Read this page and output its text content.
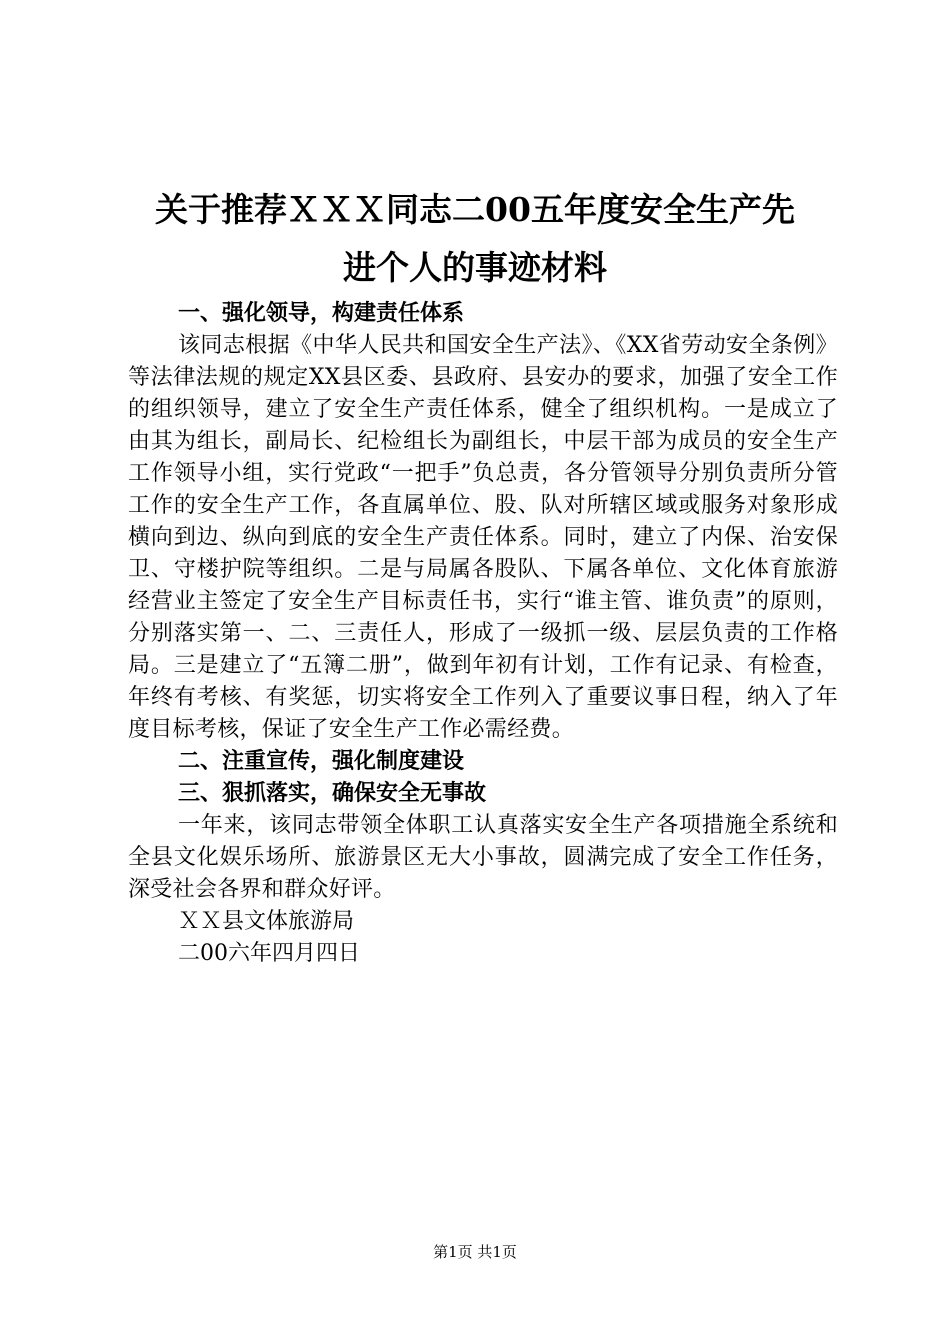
关于推荐ＸＸＸ同志二00五年度安全生产先
进个人的事迹材料
一、强化领导，构建责任体系
该同志根据《中华人民共和国安全生产法》、《XX省劳动安全条例》等法律法规的规定XX县区委、县政府、县安办的要求，加强了安全工作的组织领导，建立了安全生产责任体系，健全了组织机构。一是成立了由其为组长，副局长、纪检组长为副组长，中层干部为成员的安全生产工作领导小组，实行党政“一把手”负总责，各分管领导分别负责所分管工作的安全生产工作，各直属单位、股、队对所辖区域或服务对象形成横向到边、纵向到底的安全生产责任体系。同时，建立了内保、治安保卫、守楼护院等组织。二是与局属各股队、下属各单位、文化体育旅游经营业主签定了安全生产目标责任书，实行“谁主管、谁负责”的原则，分别落实第一、二、三责任人，形成了一级抓一级、层层负责的工作格局。三是建立了“五簿二册”，做到年初有计划，工作有记录、有检查，年终有考核、有奖惩，切实将安全工作列入了重要议事日程，纳入了年度目标考核，保证了安全生产工作必需经费。
二、注重宣传，强化制度建设
三、狠抓落实，确保安全无事故
一年来，该同志带领全体职工认真落实安全生产各项措施全系统和全县文化娱乐场所、旅游景区无大小事故，圆满完成了安全工作任务，深受社会各界和群众好评。
ＸＸ县文体旅游局
二00六年四月四日
第1页 共1页
